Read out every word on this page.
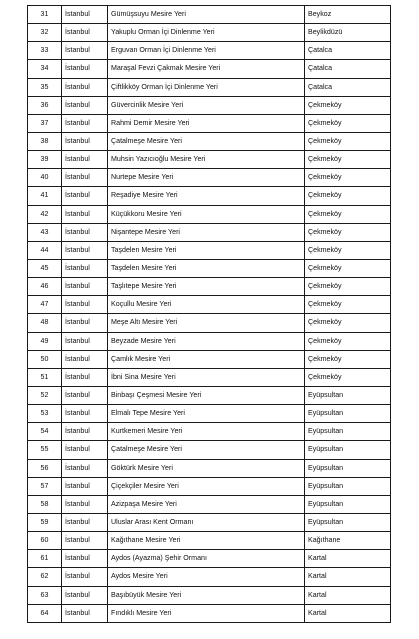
31	İstanbul	Gümüşsuyu Mesire Yeri	Beykoz
32	İstanbul	Yakuplu Orman İçi Dinlenme Yeri	Beylikdüzü
33	İstanbul	Erguvan Orman İçi Dinlenme Yeri	Çatalca
34	İstanbul	Maraşal Fevzi Çakmak Mesire Yeri	Çatalca
35	İstanbul	Çiftlikköy Orman İçi Dinlenme Yeri	Çatalca
36	İstanbul	Güvercinlik Mesire Yeri	Çekmeköy
37	İstanbul	Rahmi Demir Mesire Yeri	Çekmeköy
38	İstanbul	Çatalmeşe Mesire Yeri	Çekmeköy
39	İstanbul	Muhsin Yazıcıoğlu Mesire Yeri	Çekmeköy
40	İstanbul	Nurtepe Mesire Yeri	Çekmeköy
41	İstanbul	Reşadiye Mesire Yeri	Çekmeköy
42	İstanbul	Küçükkoru Mesire Yeri	Çekmeköy
43	İstanbul	Nişantepe Mesire Yeri	Çekmeköy
44	İstanbul	Taşdelen Mesire Yeri	Çekmeköy
45	İstanbul	Taşdelen Mesire Yeri	Çekmeköy
46	İstanbul	Taşlıtepe Mesire Yeri	Çekmeköy
47	İstanbul	Koçullu Mesire Yeri	Çekmeköy
48	İstanbul	Meşe Altı Mesire Yeri	Çekmeköy
49	İstanbul	Beyzade Mesire Yeri	Çekmeköy
50	İstanbul	Çamlık Mesire Yeri	Çekmeköy
51	İstanbul	İbni Sina Mesire Yeri	Çekmeköy
52	İstanbul	Binbaşı Çeşmesi Mesire Yeri	Eyüpsultan
53	İstanbul	Elmalı Tepe Mesire Yeri	Eyüpsultan
54	İstanbul	Kurtkemeri Mesire Yeri	Eyüpsultan
55	İstanbul	Çatalmeşe Mesire Yeri	Eyüpsultan
56	İstanbul	Göktürk Mesire Yeri	Eyüpsultan
57	İstanbul	Çiçekçiler Mesire Yeri	Eyüpsultan
58	İstanbul	Azizpaşa Mesire Yeri	Eyüpsultan
59	İstanbul	Uluslar Arası Kent Ormanı	Eyüpsultan
60	İstanbul	Kağıthane Mesire Yeri	Kağıthane
61	İstanbul	Aydos (Ayazma) Şehir Ormanı	Kartal
62	İstanbul	Aydos Mesire Yeri	Kartal
63	İstanbul	Başıbüyük Mesire Yeri	Kartal
64	İstanbul	Fındıklı Mesire Yeri	Kartal
